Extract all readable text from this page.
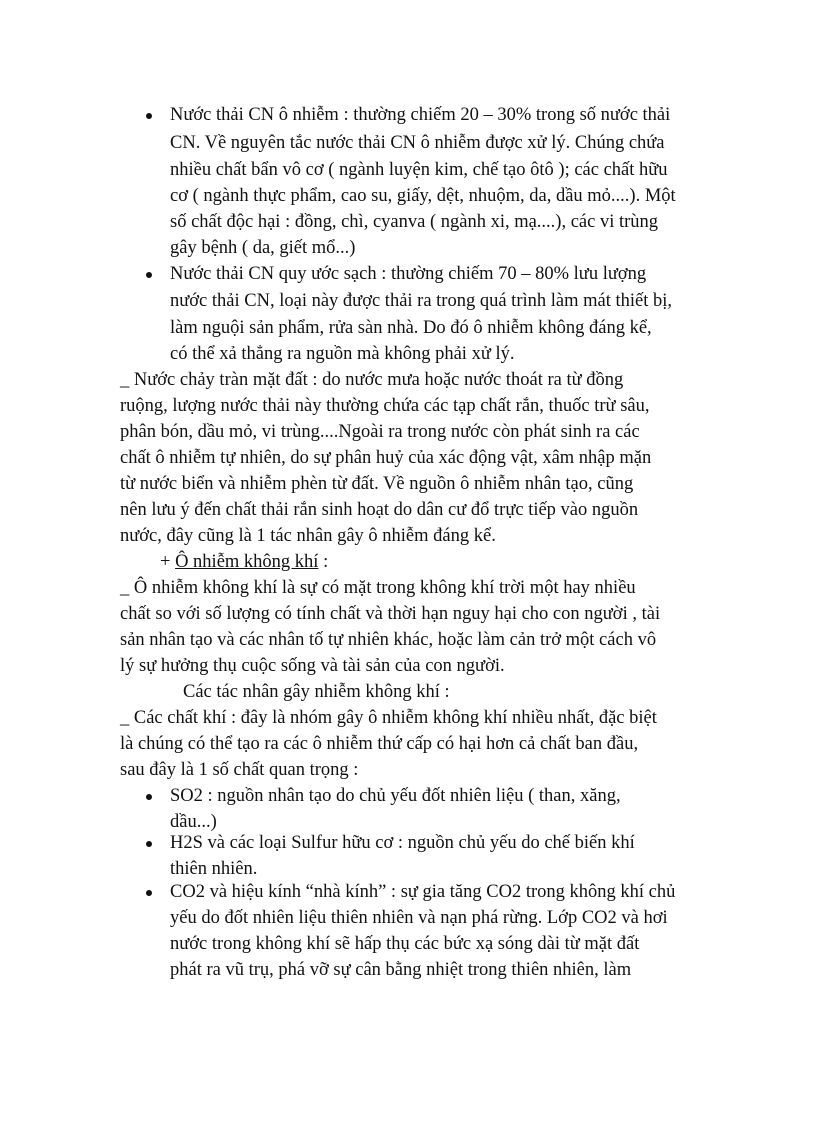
Nước thải CN ô nhiễm : thường chiếm 20 – 30% trong số nước thải
CN. Về nguyên tắc nước thải CN ô nhiễm được xử lý. Chúng chứa
nhiều chất bẩn vô cơ ( ngành luyện kim, chế tạo ôtô ); các chất hữu
cơ ( ngành thực phẩm, cao su, giấy, dệt, nhuộm, da, dầu mỏ....). Một
số chất độc hại : đồng, chì, cyanva ( ngành xi, mạ....), các vi trùng
gây bệnh ( da, giết mổ...)
Nước thải CN quy ước sạch : thường chiếm 70 – 80% lưu lượng
nước thải CN, loại này được thải ra trong quá trình làm mát thiết bị,
làm nguội sản phẩm, rửa sàn nhà. Do đó ô nhiễm không đáng kể,
có thể xả thẳng ra nguồn mà không phải xử lý.
_ Nước chảy tràn mặt đất : do nước mưa hoặc nước thoát ra từ đồng
ruộng, lượng nước thải này thường chứa các tạp chất rắn, thuốc trừ sâu,
phân bón, dầu mỏ, vi trùng....Ngoài ra trong nước còn phát sinh ra các
chất ô nhiễm tự nhiên, do sự phân huỷ của xác động vật, xâm nhập mặn
từ nước biển và nhiễm phèn từ đất. Về nguồn ô nhiễm nhân tạo, cũng
nên lưu ý đến chất thải rắn sinh hoạt do dân cư đổ trực tiếp vào nguồn
nước, đây cũng là 1 tác nhân gây ô nhiễm đáng kể.
+ Ô nhiễm không khí :
_ Ô nhiễm không khí là sự có mặt trong không khí trời một hay nhiều
chất so với số lượng có tính chất và thời hạn nguy hại cho con người , tài
sản nhân tạo và các nhân tố tự nhiên khác, hoặc làm cản trở một cách vô
lý sự hưởng thụ cuộc sống và tài sản của con người.
Các tác nhân gây nhiễm không khí :
_ Các chất khí : đây là nhóm gây ô nhiễm không khí nhiều nhất, đặc biệt
là chúng có thể tạo ra các ô nhiễm thứ cấp có hại hơn cả chất ban đầu,
sau đây là 1 số chất quan trọng :
SO2 : nguồn nhân tạo do chủ yếu đốt nhiên liệu ( than, xăng,
dầu...)
H2S và các loại Sulfur hữu cơ : nguồn chủ yếu do chế biến khí
thiên nhiên.
CO2 và hiệu kính “nhà kính” : sự gia tăng CO2 trong không khí chủ
yếu do đốt nhiên liệu thiên nhiên và nạn phá rừng. Lớp CO2 và hơi
nước trong không khí sẽ hấp thụ các bức xạ sóng dài từ mặt đất
phát ra vũ trụ, phá vỡ sự cân bằng nhiệt trong thiên nhiên, làm
